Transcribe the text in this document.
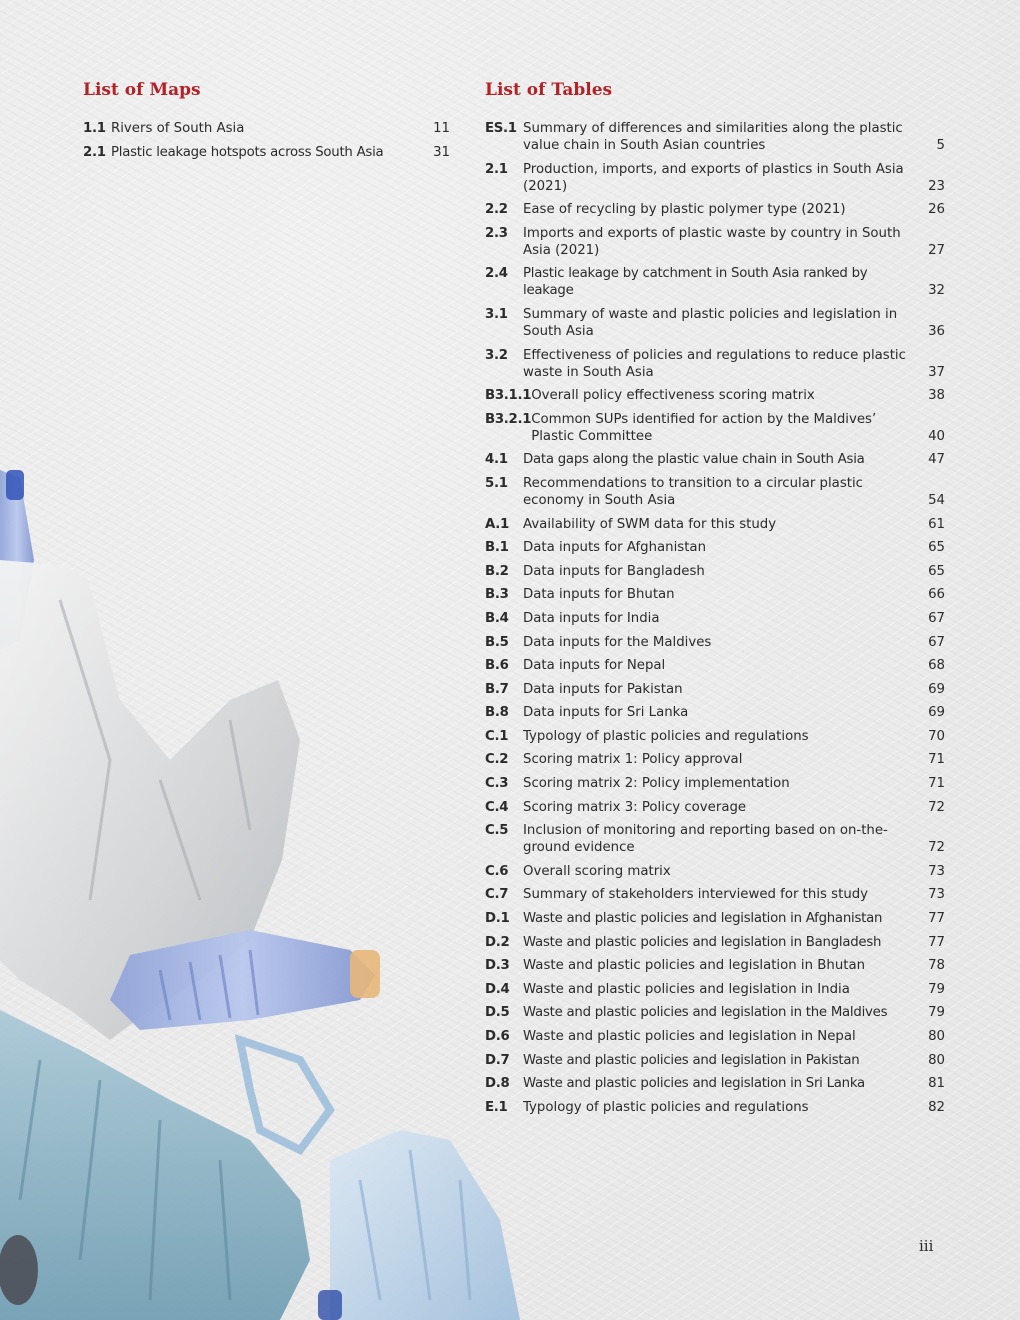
List of Maps
1.1 Rivers of South Asia	11
2.1 Plastic leakage hotspots across South Asia	31
List of Tables
ES.1 Summary of differences and similarities along the plastic value chain in South Asian countries	5
2.1	Production, imports, and exports of plastics in South Asia (2021)	23
2.2	Ease of recycling by plastic polymer type (2021)	26
2.3	Imports and exports of plastic waste by country in South Asia (2021)	27
2.4	Plastic leakage by catchment in South Asia ranked by leakage	32
3.1	Summary of waste and plastic policies and legislation in South Asia	36
3.2	Effectiveness of policies and regulations to reduce plastic waste in South Asia	37
B3.1.1 Overall policy effectiveness scoring matrix	38
B3.2.1 Common SUPs identified for action by the Maldives’ Plastic Committee	40
4.1	Data gaps along the plastic value chain in South Asia	47
5.1	Recommendations to transition to a circular plastic economy in South Asia	54
A.1	Availability of SWM data for this study	61
B.1	Data inputs for Afghanistan	65
B.2	Data inputs for Bangladesh	65
B.3	Data inputs for Bhutan	66
B.4	Data inputs for India	67
B.5	Data inputs for the Maldives	67
B.6	Data inputs for Nepal	68
B.7	Data inputs for Pakistan	69
B.8	Data inputs for Sri Lanka	69
C.1	Typology of plastic policies and regulations	70
C.2	Scoring matrix 1: Policy approval	71
C.3	Scoring matrix 2: Policy implementation	71
C.4	Scoring matrix 3: Policy coverage	72
C.5	Inclusion of monitoring and reporting based on on-the-ground evidence	72
C.6	Overall scoring matrix	73
C.7	Summary of stakeholders interviewed for this study	73
D.1	Waste and plastic policies and legislation in Afghanistan	77
D.2	Waste and plastic policies and legislation in Bangladesh	77
D.3	Waste and plastic policies and legislation in Bhutan	78
D.4	Waste and plastic policies and legislation in India	79
D.5	Waste and plastic policies and legislation in the Maldives	79
D.6	Waste and plastic policies and legislation in Nepal	80
D.7	Waste and plastic policies and legislation in Pakistan	80
D.8	Waste and plastic policies and legislation in Sri Lanka	81
E.1	Typology of plastic policies and regulations	82
iii
